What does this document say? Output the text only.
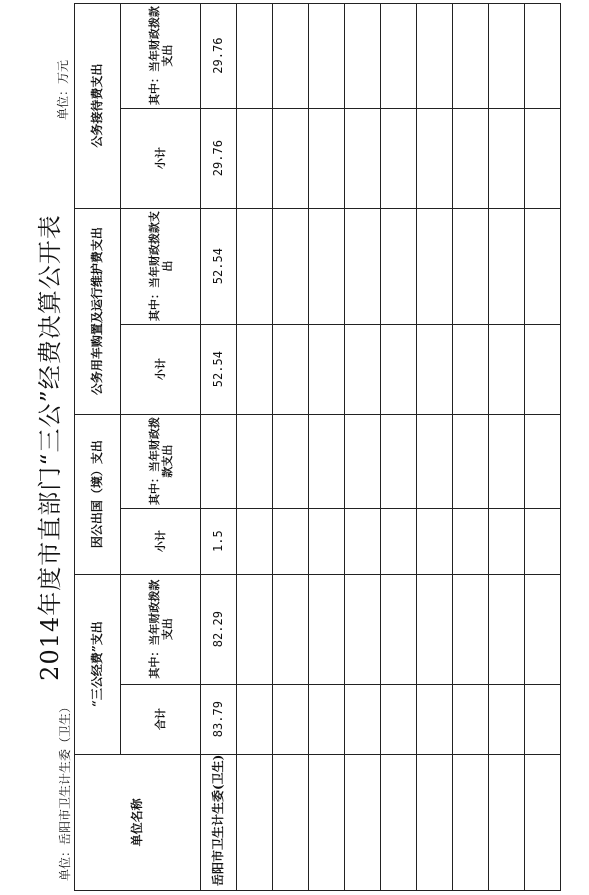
2014年度市直部门“三公”经费决算公开表
单位：岳阳市卫生计生委（卫生）
单位：万元
单位名称	“三公经费”支出		因公出国（境）支出		公务用车购置及运行维护费支出		公务接待费支出	
	合计	其中：当年财政拨款支出	小计	其中：当年财政拨款支出	小计	其中：当年财政拨款支出	小计	其中：当年财政拨款支出
岳阳市卫生计生委(卫生)	83.79	82.29	1.5		52.54	52.54	29.76	29.76
